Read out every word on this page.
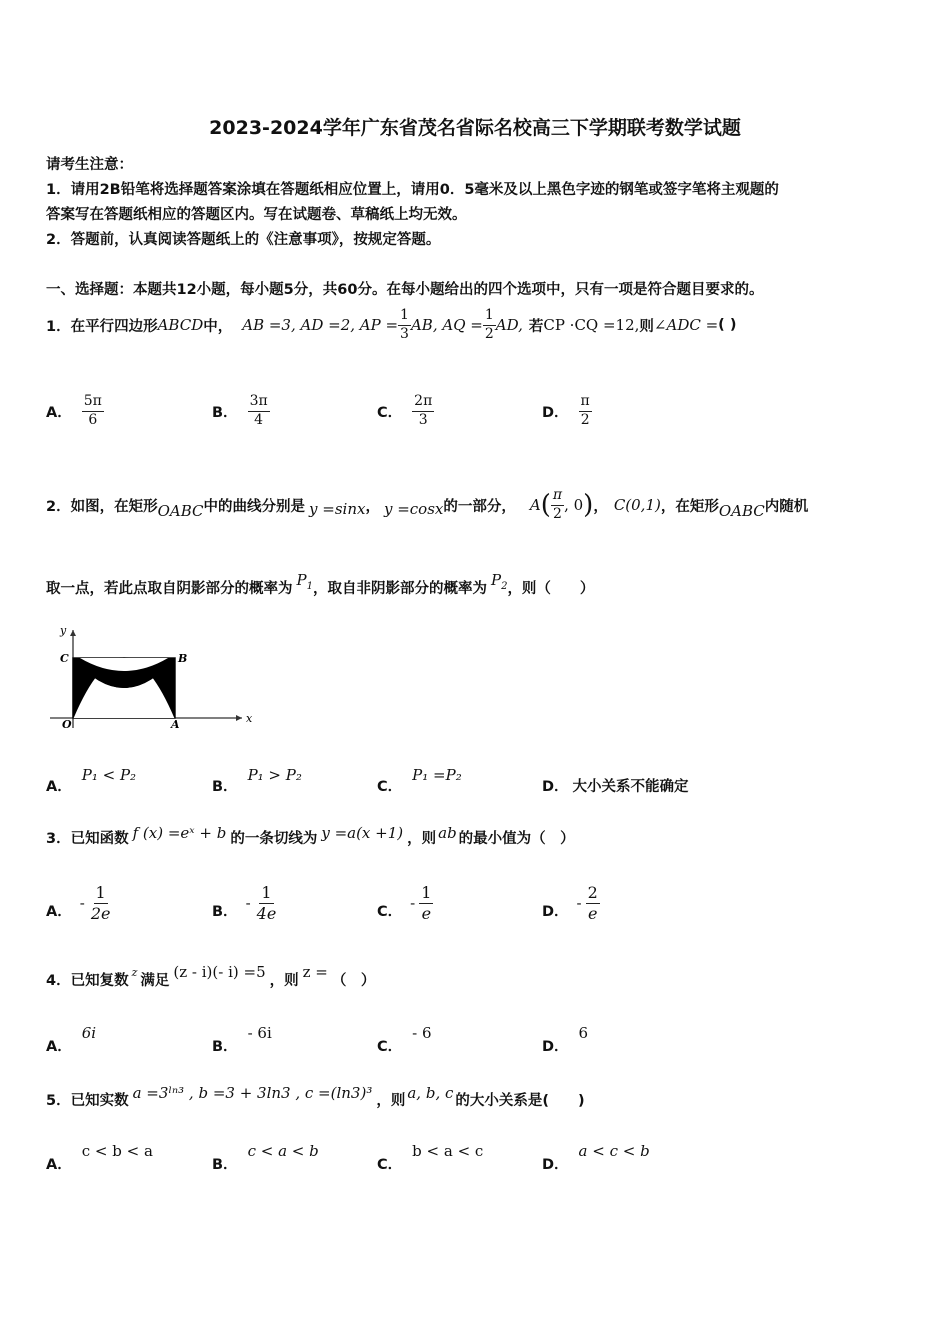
2023-2024学年广东省茂名省际名校高三下学期联考数学试题
请考生注意：
1．请用2B铅笔将选择题答案涂填在答题纸相应位置上，请用0．5毫米及以上黑色字迹的钢笔或签字笔将主观题的
答案写在答题纸相应的答题区内。写在试题卷、草稿纸上均无效。
2．答题前，认真阅读答题纸上的《注意事项》，按规定答题。
一、选择题：本题共12小题，每小题5分，共60分。在每小题给出的四个选项中，只有一项是符合题目要求的。
1．在平行四边形 ABCD 中， AB =3, AD =2, AP = $\frac{1}{3}$ AB, AQ = $\frac{1}{2}$ AD, 若 CP ·CQ =12, 则 ∠ADC = ( )
A． $\frac{5\pi}{6}$	B． $\frac{3\pi}{4}$	C． $\frac{2\pi}{3}$	D． $\frac{\pi}{2}$
2．如图，在矩形 OABC 中的曲线分别是 y =sinx ， y =cosx 的一部分， A ( $\frac{\pi}{2}$ , 0 ) ， C(0,1) ，在矩形 OABC 内随机
取一点，若此点取自阴影部分的概率为 $P_1$ ，取自非阴影部分的概率为 $P_2$ ，则（　　）
y
x
C	B
O	A
A．
P₁ < P₂
B．
P₁ > P₂
C．
P₁ =P₂
D． 大小关系不能确定
3．已知函数 f (x) =eˣ + b 的一条切线为 y =a(x +1) ，则 ab 的最小值为（　）
A． - $\frac{1}{2e}$	B． - $\frac{1}{4e}$	C． - $\frac{1}{e}$	D． - $\frac{2}{e}$
4．已知复数
z
满足 (z - i)(- i) =5 ，则 z = （　）
A．
6i
B．
- 6i
C．
- 6
D．
6
5．已知实数 a =3ˡⁿ³ , b =3 + 3ln3 , c =(ln3)³ ，则 a, b, c 的大小关系是(　　)
A．
c < b < a
B．
c < a < b
C．
b < a < c
D．
a < c < b
